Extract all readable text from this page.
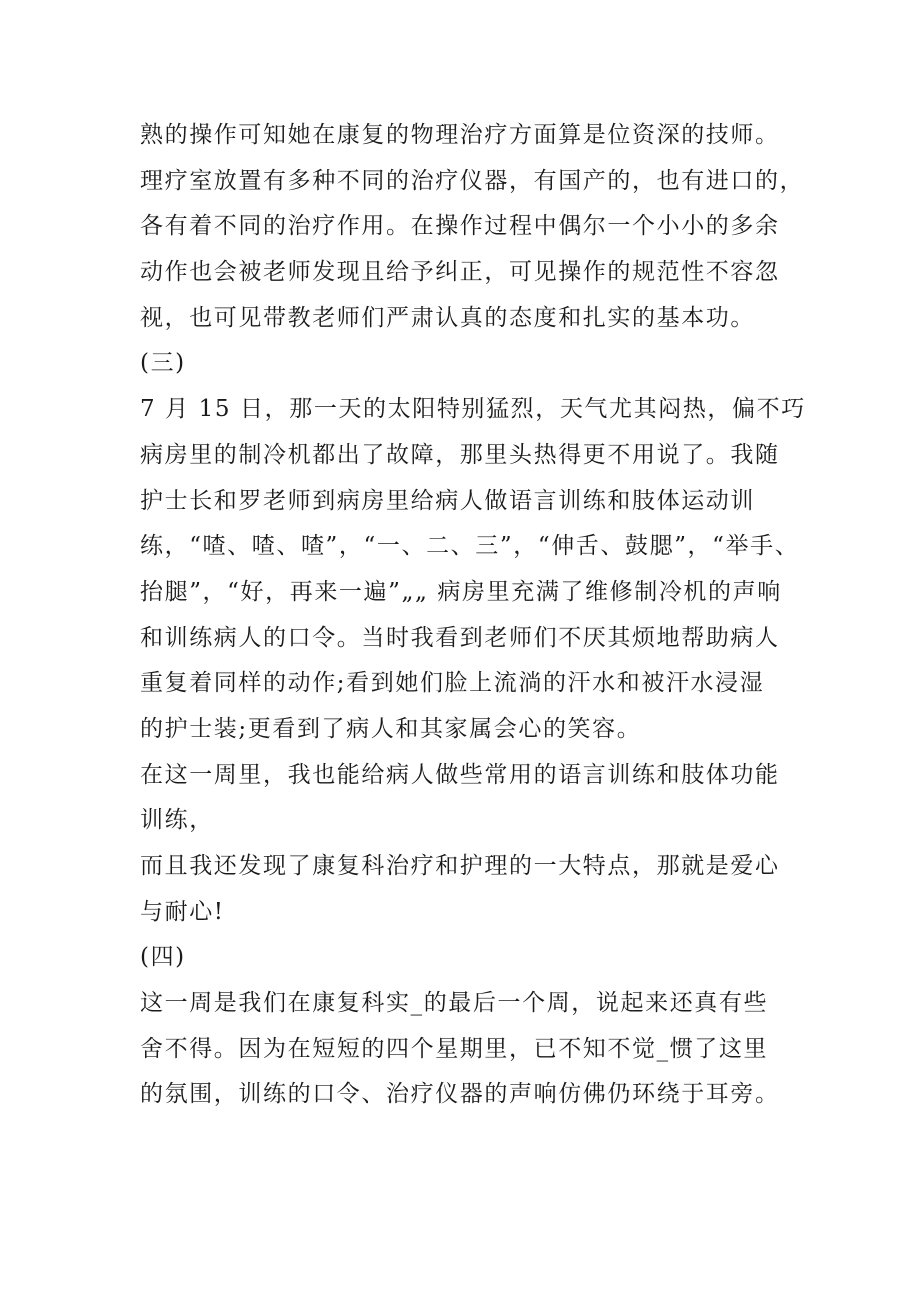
熟的操作可知她在康复的物理治疗方面算是位资深的技师。
理疗室放置有多种不同的治疗仪器，有国产的，也有进口的，
各有着不同的治疗作用。在操作过程中偶尔一个小小的多余
动作也会被老师发现且给予纠正，可见操作的规范性不容忽
视，也可见带教老师们严肃认真的态度和扎实的基本功。
(三)
7 月 15 日，那一天的太阳特别猛烈，天气尤其闷热，偏不巧
病房里的制冷机都出了故障，那里头热得更不用说了。我随
护士长和罗老师到病房里给病人做语言训练和肢体运动训
练，“喳、喳、喳”，“一、二、三”，“伸舌、鼓腮”，“举手、
抬腿”，“好，再来一遍”„„ 病房里充满了维修制冷机的声响
和训练病人的口令。当时我看到老师们不厌其烦地帮助病人
重复着同样的动作;看到她们脸上流淌的汗水和被汗水浸湿
的护士装;更看到了病人和其家属会心的笑容。
在这一周里，我也能给病人做些常用的语言训练和肢体功能
训练，
而且我还发现了康复科治疗和护理的一大特点，那就是爱心
与耐心!
(四)
这一周是我们在康复科实_的最后一个周，说起来还真有些
舍不得。因为在短短的四个星期里，已不知不觉_惯了这里
的氛围，训练的口令、治疗仪器的声响仿佛仍环绕于耳旁。
